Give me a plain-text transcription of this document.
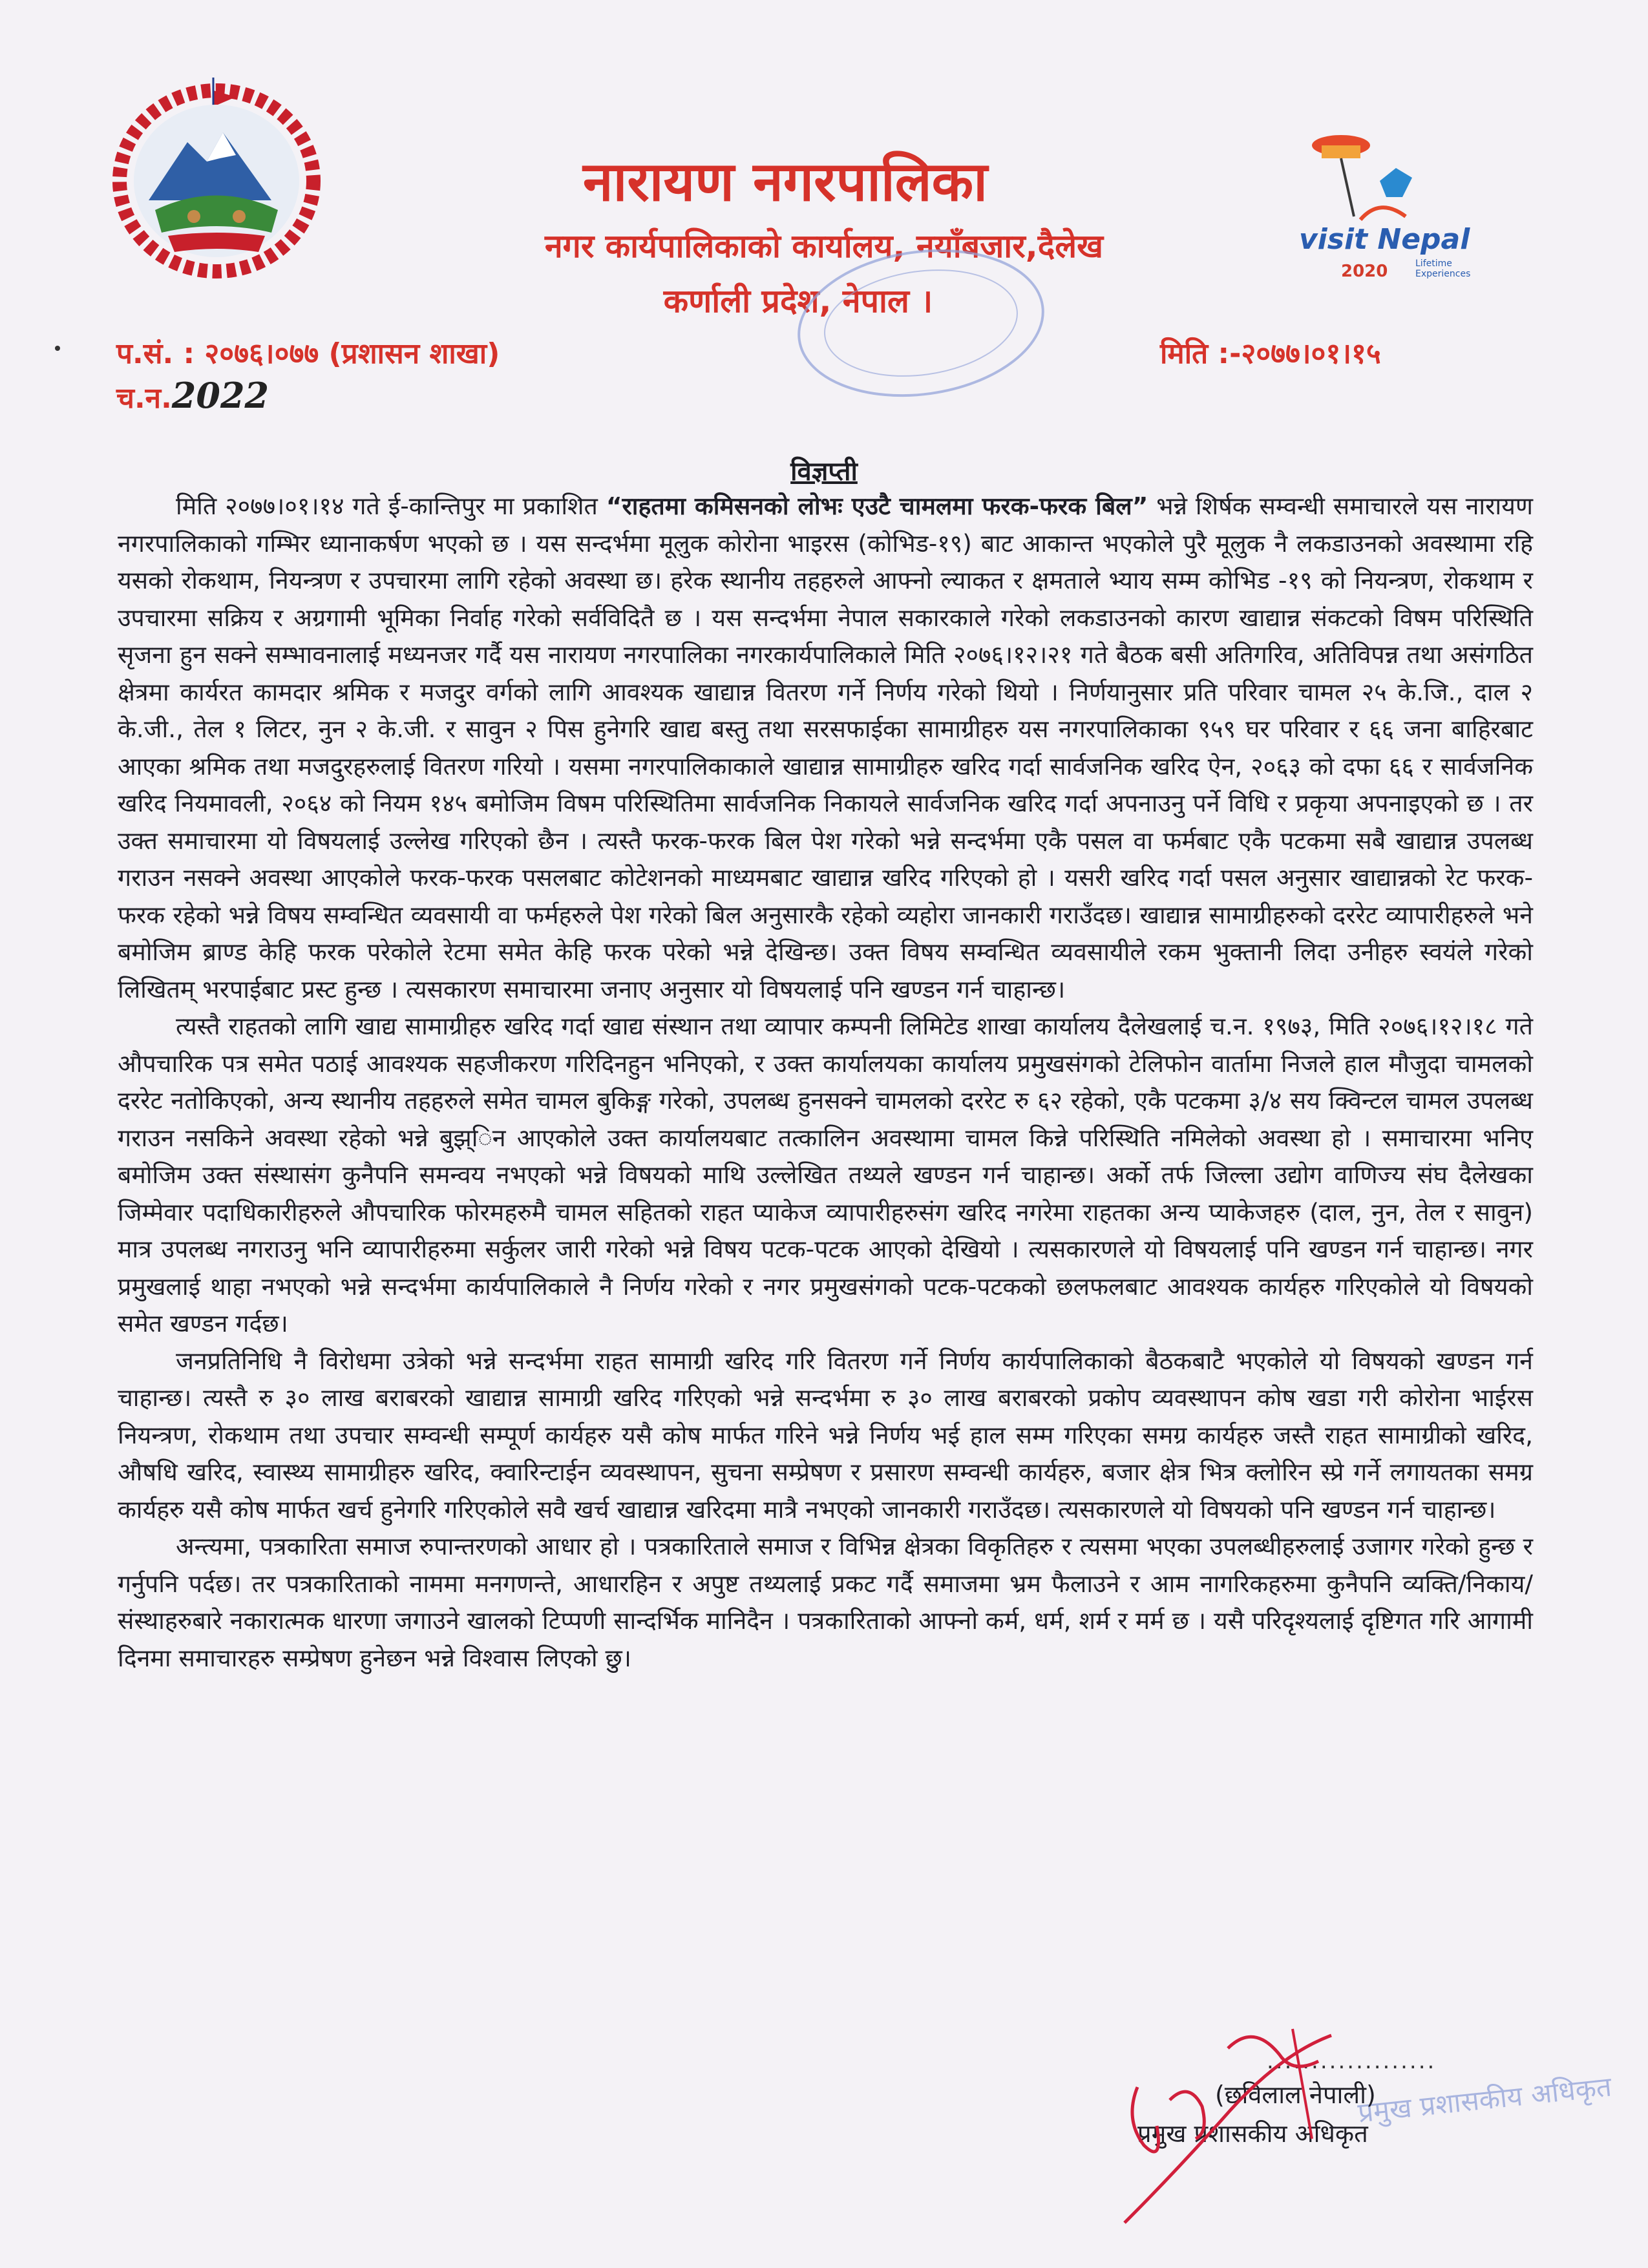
visit Nepal
2020	Lifetime Experiences
नारायण नगरपालिका
नगर कार्यपालिकाको कार्यालय, नयाँबजार,दैलेख
कर्णाली प्रदेश, नेपाल ।
प.सं. : २०७६।०७७ (प्रशासन शाखा)	मिति :-२०७७।०१।१५
च.न.2022
विज्ञप्ती

मिति २०७७।०१।१४ गते ई-कान्तिपुर मा प्रकाशित “राहतमा कमिसनको लोभः एउटै चामलमा फरक-फरक बिल” भन्ने शिर्षक सम्वन्धी समाचारले यस नारायण नगरपालिकाको गम्भिर ध्यानाकर्षण भएको छ । यस सन्दर्भमा मूलुक कोरोना भाइरस (कोभिड-१९) बाट आकान्त भएकोले पुरै मूलुक नै लकडाउनको अवस्थामा रहि यसको रोकथाम, नियन्त्रण र उपचारमा लागि रहेको अवस्था छ। हरेक स्थानीय तहहरुले आफ्नो ल्याकत र क्षमताले भ्याय सम्म कोभिड -१९ को नियन्त्रण, रोकथाम र उपचारमा सक्रिय र अग्रगामी भूमिका निर्वाह गरेको सर्वविदितै छ । यस सन्दर्भमा नेपाल सकारकाले गरेको लकडाउनको कारण खाद्यान्न संकटको विषम परिस्थिति सृजना हुन सक्ने सम्भावनालाई मध्यनजर गर्दै यस नारायण नगरपालिका नगरकार्यपालिकाले मिति २०७६।१२।२१ गते बैठक बसी अतिगरिव, अतिविपन्न तथा असंगठित क्षेत्रमा कार्यरत कामदार श्रमिक र मजदुर वर्गको लागि आवश्यक खाद्यान्न वितरण गर्ने निर्णय गरेको थियो । निर्णयानुसार प्रति परिवार चामल २५ के.जि., दाल २ के.जी., तेल १ लिटर, नुन २ के.जी. र सावुन २ पिस हुनेगरि खाद्य बस्तु तथा सरसफाईका सामाग्रीहरु यस नगरपालिकाका ९५९ घर परिवार र ६६ जना बाहिरबाट आएका श्रमिक तथा मजदुरहरुलाई वितरण गरियो । यसमा नगरपालिकाकाले खाद्यान्न सामाग्रीहरु खरिद गर्दा सार्वजनिक खरिद ऐन, २०६३ को दफा ६६ र सार्वजनिक खरिद नियमावली, २०६४ को नियम १४५ बमोजिम विषम परिस्थितिमा सार्वजनिक निकायले सार्वजनिक खरिद गर्दा अपनाउनु पर्ने विधि र प्रकृया अपनाइएको छ । तर उक्त समाचारमा यो विषयलाई उल्लेख गरिएको छैन । त्यस्तै फरक-फरक बिल पेश गरेको भन्ने सन्दर्भमा एकै पसल वा फर्मबाट एकै पटकमा सबै खाद्यान्न उपलब्ध गराउन नसक्ने अवस्था आएकोले फरक-फरक पसलबाट कोटेशनको माध्यमबाट खाद्यान्न खरिद गरिएको हो । यसरी खरिद गर्दा पसल अनुसार खाद्यान्नको रेट फरक-फरक रहेको भन्ने विषय सम्वन्धित व्यवसायी वा फर्महरुले पेश गरेको बिल अनुसारकै रहेको व्यहोरा जानकारी गराउँदछ। खाद्यान्न सामाग्रीहरुको दररेट व्यापारीहरुले भने बमोजिम ब्राण्ड केहि फरक परेकोले रेटमा समेत केहि फरक परेको भन्ने देखिन्छ। उक्त विषय सम्वन्धित व्यवसायीले रकम भुक्तानी लिदा उनीहरु स्वयंले गरेको लिखितम् भरपाईबाट प्रस्ट हुन्छ । त्यसकारण समाचारमा जनाए अनुसार यो विषयलाई पनि खण्डन गर्न चाहान्छ।

त्यस्तै राहतको लागि खाद्य सामाग्रीहरु खरिद गर्दा खाद्य संस्थान तथा व्यापार कम्पनी लिमिटेड शाखा कार्यालय दैलेखलाई च.न. १९७३, मिति २०७६।१२।१८ गते औपचारिक पत्र समेत पठाई आवश्यक सहजीकरण गरिदिनहुन भनिएको, र उक्त कार्यालयका कार्यालय प्रमुखसंगको टेलिफोन वार्तामा निजले हाल मौजुदा चामलको दररेट नतोकिएको, अन्य स्थानीय तहहरुले समेत चामल बुकिङ्ग गरेको, उपलब्ध हुनसक्ने चामलको दररेट रु ६२ रहेको, एकै पटकमा ३/४ सय क्विन्टल चामल उपलब्ध गराउन नसकिने अवस्था रहेको भन्ने बुझ्िन आएकोले उक्त कार्यालयबाट तत्कालिन अवस्थामा चामल किन्ने परिस्थिति नमिलेको अवस्था हो । समाचारमा भनिए बमोजिम उक्त संस्थासंग कुनैपनि समन्वय नभएको भन्ने विषयको माथि उल्लेखित तथ्यले खण्डन गर्न चाहान्छ। अर्को तर्फ जिल्ला उद्योग वाणिज्य संघ दैलेखका जिम्मेवार पदाधिकारीहरुले औपचारिक फोरमहरुमै चामल सहितको राहत प्याकेज व्यापारीहरुसंग खरिद नगरेमा राहतका अन्य प्याकेजहरु (दाल, नुन, तेल र सावुन) मात्र उपलब्ध नगराउनु भनि व्यापारीहरुमा सर्कुलर जारी गरेको भन्ने विषय पटक-पटक आएको देखियो । त्यसकारणले यो विषयलाई पनि खण्डन गर्न चाहान्छ। नगर प्रमुखलाई थाहा नभएको भन्ने सन्दर्भमा कार्यपालिकाले नै निर्णय गरेको र नगर प्रमुखसंगको पटक-पटकको छलफलबाट आवश्यक कार्यहरु गरिएकोले यो विषयको समेत खण्डन गर्दछ।

जनप्रतिनिधि नै विरोधमा उत्रेको भन्ने सन्दर्भमा राहत सामाग्री खरिद गरि वितरण गर्ने निर्णय कार्यपालिकाको बैठकबाटै भएकोले यो विषयको खण्डन गर्न चाहान्छ। त्यस्तै रु ३० लाख बराबरको खाद्यान्न सामाग्री खरिद गरिएको भन्ने सन्दर्भमा रु ३० लाख बराबरको प्रकोप व्यवस्थापन कोष खडा गरी कोरोना भाईरस नियन्त्रण, रोकथाम तथा उपचार सम्वन्धी सम्पूर्ण कार्यहरु यसै कोष मार्फत गरिने भन्ने निर्णय भई हाल सम्म गरिएका समग्र कार्यहरु जस्तै राहत सामाग्रीको खरिद, औषधि खरिद, स्वास्थ्य सामाग्रीहरु खरिद, क्वारिन्टाईन व्यवस्थापन, सुचना सम्प्रेषण र प्रसारण सम्वन्धी कार्यहरु, बजार क्षेत्र भित्र क्लोरिन स्प्रे गर्ने लगायतका समग्र कार्यहरु यसै कोष मार्फत खर्च हुनेगरि गरिएकोले सवै खर्च खाद्यान्न खरिदमा मात्रै नभएको जानकारी गराउँदछ। त्यसकारणले यो विषयको पनि खण्डन गर्न चाहान्छ।

अन्त्यमा, पत्रकारिता समाज रुपान्तरणको आधार हो । पत्रकारिताले समाज र विभिन्न क्षेत्रका विकृतिहरु र त्यसमा भएका उपलब्धीहरुलाई उजागर गरेको हुन्छ र गर्नुपनि पर्दछ। तर पत्रकारिताको नाममा मनगणन्ते, आधारहिन र अपुष्ट तथ्यलाई प्रकट गर्दै समाजमा भ्रम फैलाउने र आम नागरिकहरुमा कुनैपनि व्यक्ति/निकाय/संस्थाहरुबारे नकारात्मक धारणा जगाउने खालको टिप्पणी सान्दर्भिक मानिदैन । पत्रकारिताको आफ्नो कर्म, धर्म, शर्म र मर्म छ । यसै परिदृश्यलाई दृष्टिगत गरि आगामी दिनमा समाचारहरु सम्प्रेषण हुनेछन भन्ने विश्वास लिएको छु।

प्रमुख प्रशासकीय अधिकृत
...................
(छविलाल नेपाली)
प्रमुख प्रशासकीय अधिकृत
